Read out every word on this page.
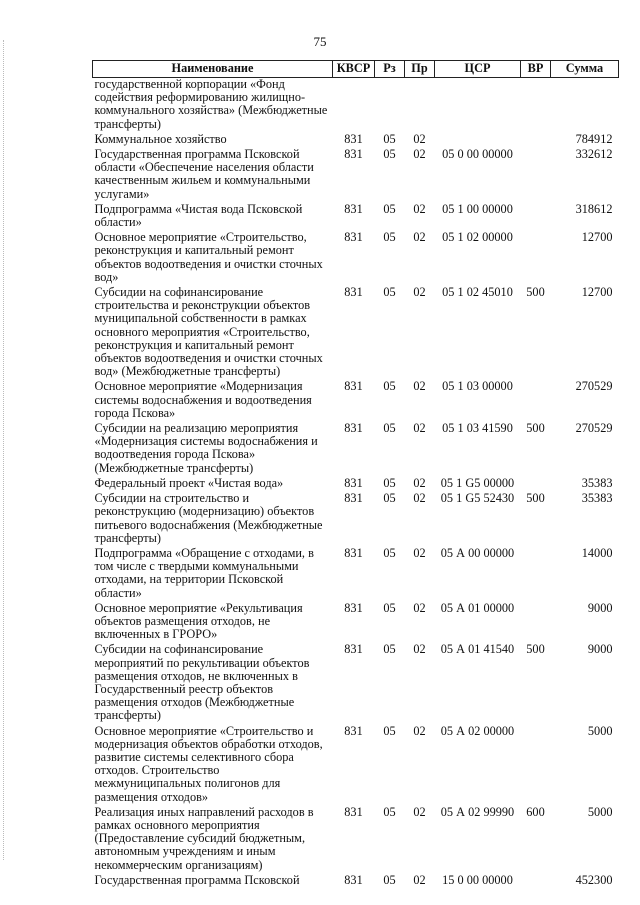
75
Наименование	КВСР	Рз	Пр	ЦСР	ВР	Сумма
государственной корпорации «Фонд содействия реформированию жилищно-коммунального хозяйства» (Межбюджетные трансферты)						
Коммунальное хозяйство	831	05	02			784912
Государственная программа Псковской области «Обеспечение населения области качественным жильем и коммунальными услугами»	831	05	02	05 0 00 00000		332612
Подпрограмма «Чистая вода Псковской области»	831	05	02	05 1 00 00000		318612
Основное мероприятие «Строительство, реконструкция и капитальный ремонт объектов водоотведения и очистки сточных вод»	831	05	02	05 1 02 00000		12700
Субсидии на софинансирование строительства и реконструкции объектов муниципальной собственности в рамках основного мероприятия «Строительство, реконструкция и капитальный ремонт объектов водоотведения и очистки сточных вод» (Межбюджетные трансферты)	831	05	02	05 1 02 45010	500	12700
Основное мероприятие «Модернизация системы водоснабжения и водоотведения города Пскова»	831	05	02	05 1 03 00000		270529
Субсидии на реализацию мероприятия «Модернизация системы водоснабжения и водоотведения города Пскова» (Межбюджетные трансферты)	831	05	02	05 1 03 41590	500	270529
Федеральный проект «Чистая вода»	831	05	02	05 1 G5 00000		35383
Субсидии на строительство и реконструкцию (модернизацию) объектов питьевого водоснабжения (Межбюджетные трансферты)	831	05	02	05 1 G5 52430	500	35383
Подпрограмма «Обращение с отходами, в том числе с твердыми коммунальными отходами, на территории Псковской области»	831	05	02	05 А 00 00000		14000
Основное мероприятие «Рекультивация объектов размещения отходов, не включенных в ГРОРО»	831	05	02	05 А 01 00000		9000
Субсидии на софинансирование мероприятий по рекультивации объектов размещения отходов, не включенных в Государственный реестр объектов размещения отходов (Межбюджетные трансферты)	831	05	02	05 А 01 41540	500	9000
Основное мероприятие «Строительство и модернизация объектов обработки отходов, развитие системы селективного сбора отходов. Строительство межмуниципальных полигонов для размещения отходов»	831	05	02	05 А 02 00000		5000
Реализация иных направлений расходов в рамках основного мероприятия (Предоставление субсидий бюджетным, автономным учреждениям и иным некоммерческим организациям)	831	05	02	05 А 02 99990	600	5000
Государственная программа Псковской	831	05	02	15 0 00 00000		452300
